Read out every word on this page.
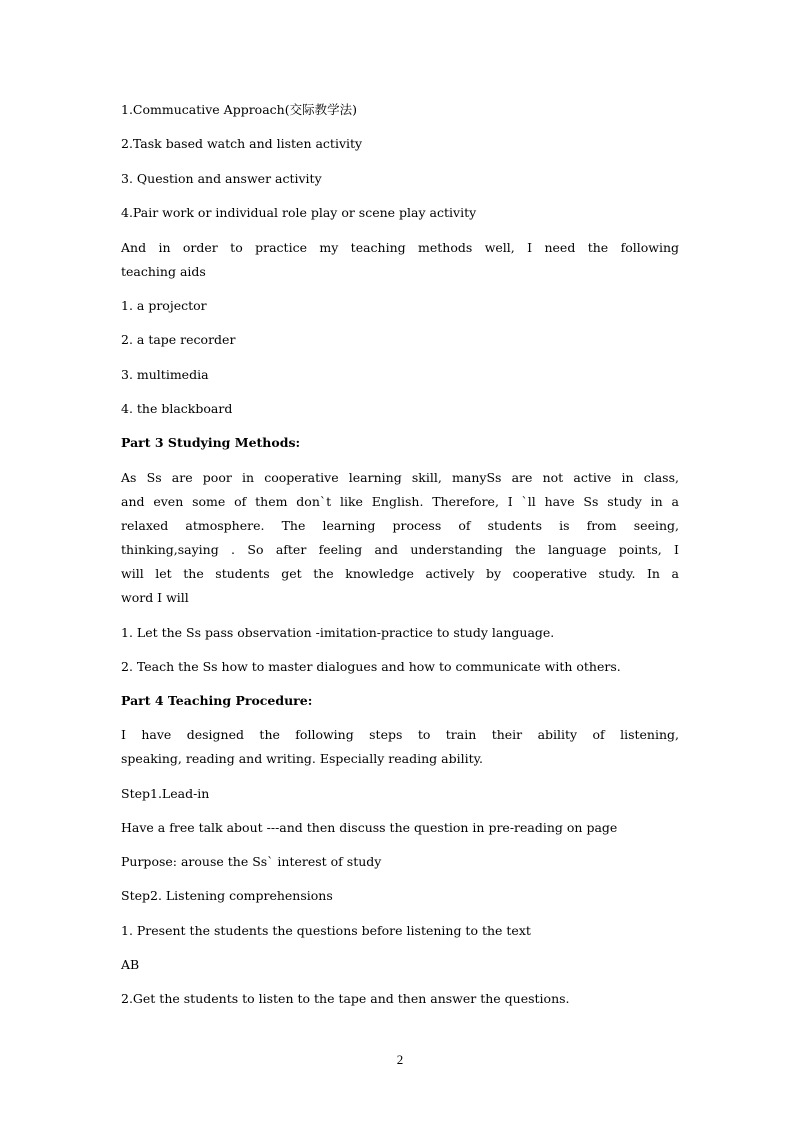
1.Commucative Approach(交际教学法)

2.Task based watch and listen activity

3. Question and answer activity

4.Pair work or individual role play or scene play activity

And in order to practice my teaching methods well, I need the following

teaching aids

1. a projector

2. a tape recorder

3. multimedia

4. the blackboard

Part 3 Studying Methods:

As Ss are poor in cooperative learning skill, manySs are not active in class,

and even some of them don`t like English. Therefore, I `ll have Ss study in a

relaxed atmosphere. The learning process of students is from seeing,

thinking,saying . So after feeling and understanding the language points, I

will let the students get the knowledge actively by cooperative study. In a

word I will

1. Let the Ss pass observation -imitation-practice to study language.

2. Teach the Ss how to master dialogues and how to communicate with others.

Part 4 Teaching Procedure:

I have designed the following steps to train their ability of listening,

speaking, reading and writing. Especially reading ability.

Step1.Lead-in

Have a free talk about ---and then discuss the question in pre-reading on page

Purpose: arouse the Ss` interest of study

Step2. Listening comprehensions

1. Present the students the questions before listening to the text

AB

2.Get the students to listen to the tape and then answer the questions.

2
